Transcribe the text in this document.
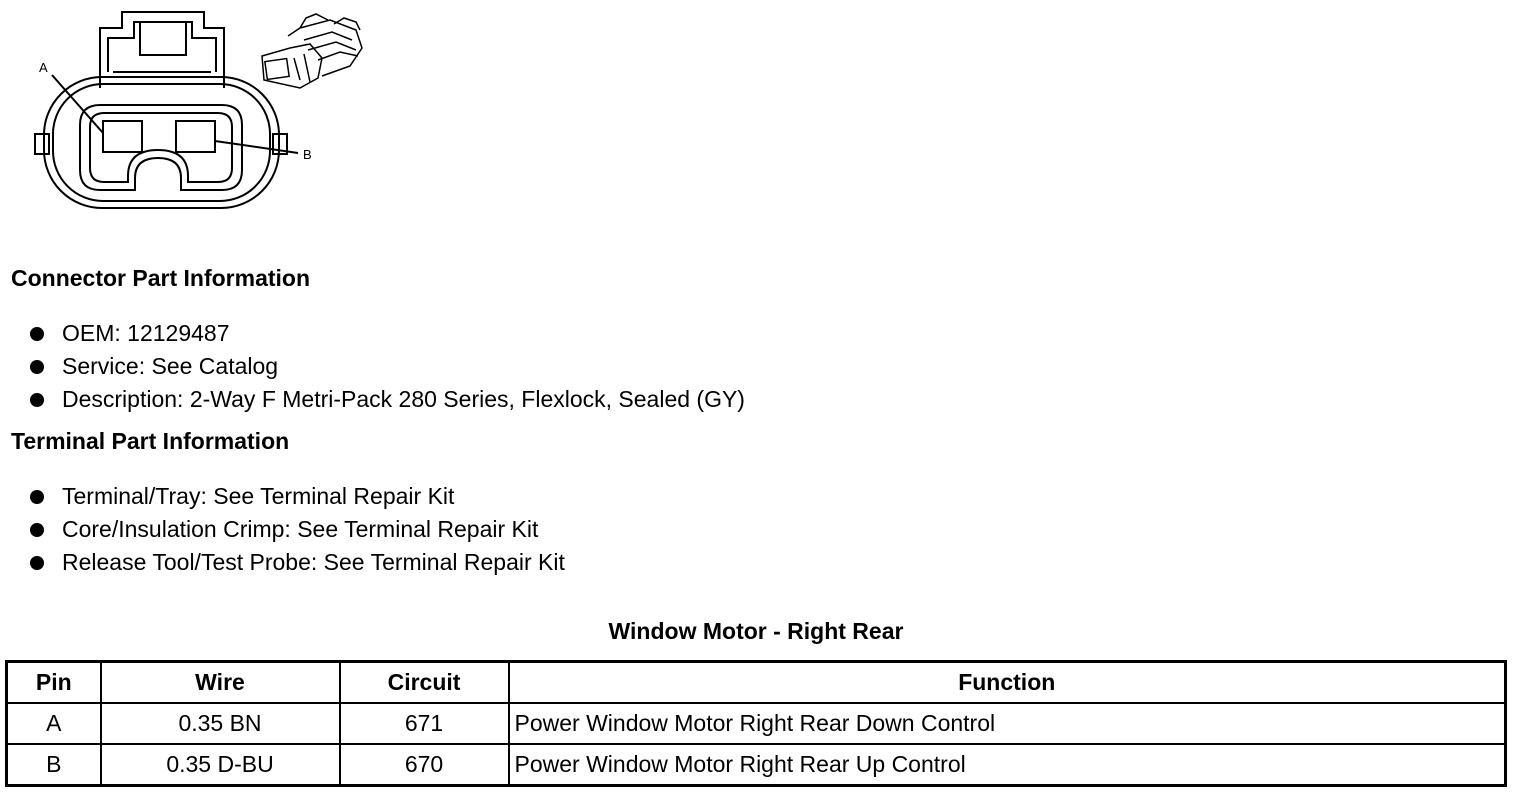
A
B
Connector Part Information
OEM: 12129487
Service: See Catalog
Description: 2-Way F Metri-Pack 280 Series, Flexlock, Sealed (GY)
Terminal Part Information
Terminal/Tray: See Terminal Repair Kit
Core/Insulation Crimp: See Terminal Repair Kit
Release Tool/Test Probe: See Terminal Repair Kit
Window Motor - Right Rear
Pin	Wire	Circuit	Function
A	0.35 BN	671	Power Window Motor Right Rear Down Control
B	0.35 D-BU	670	Power Window Motor Right Rear Up Control
